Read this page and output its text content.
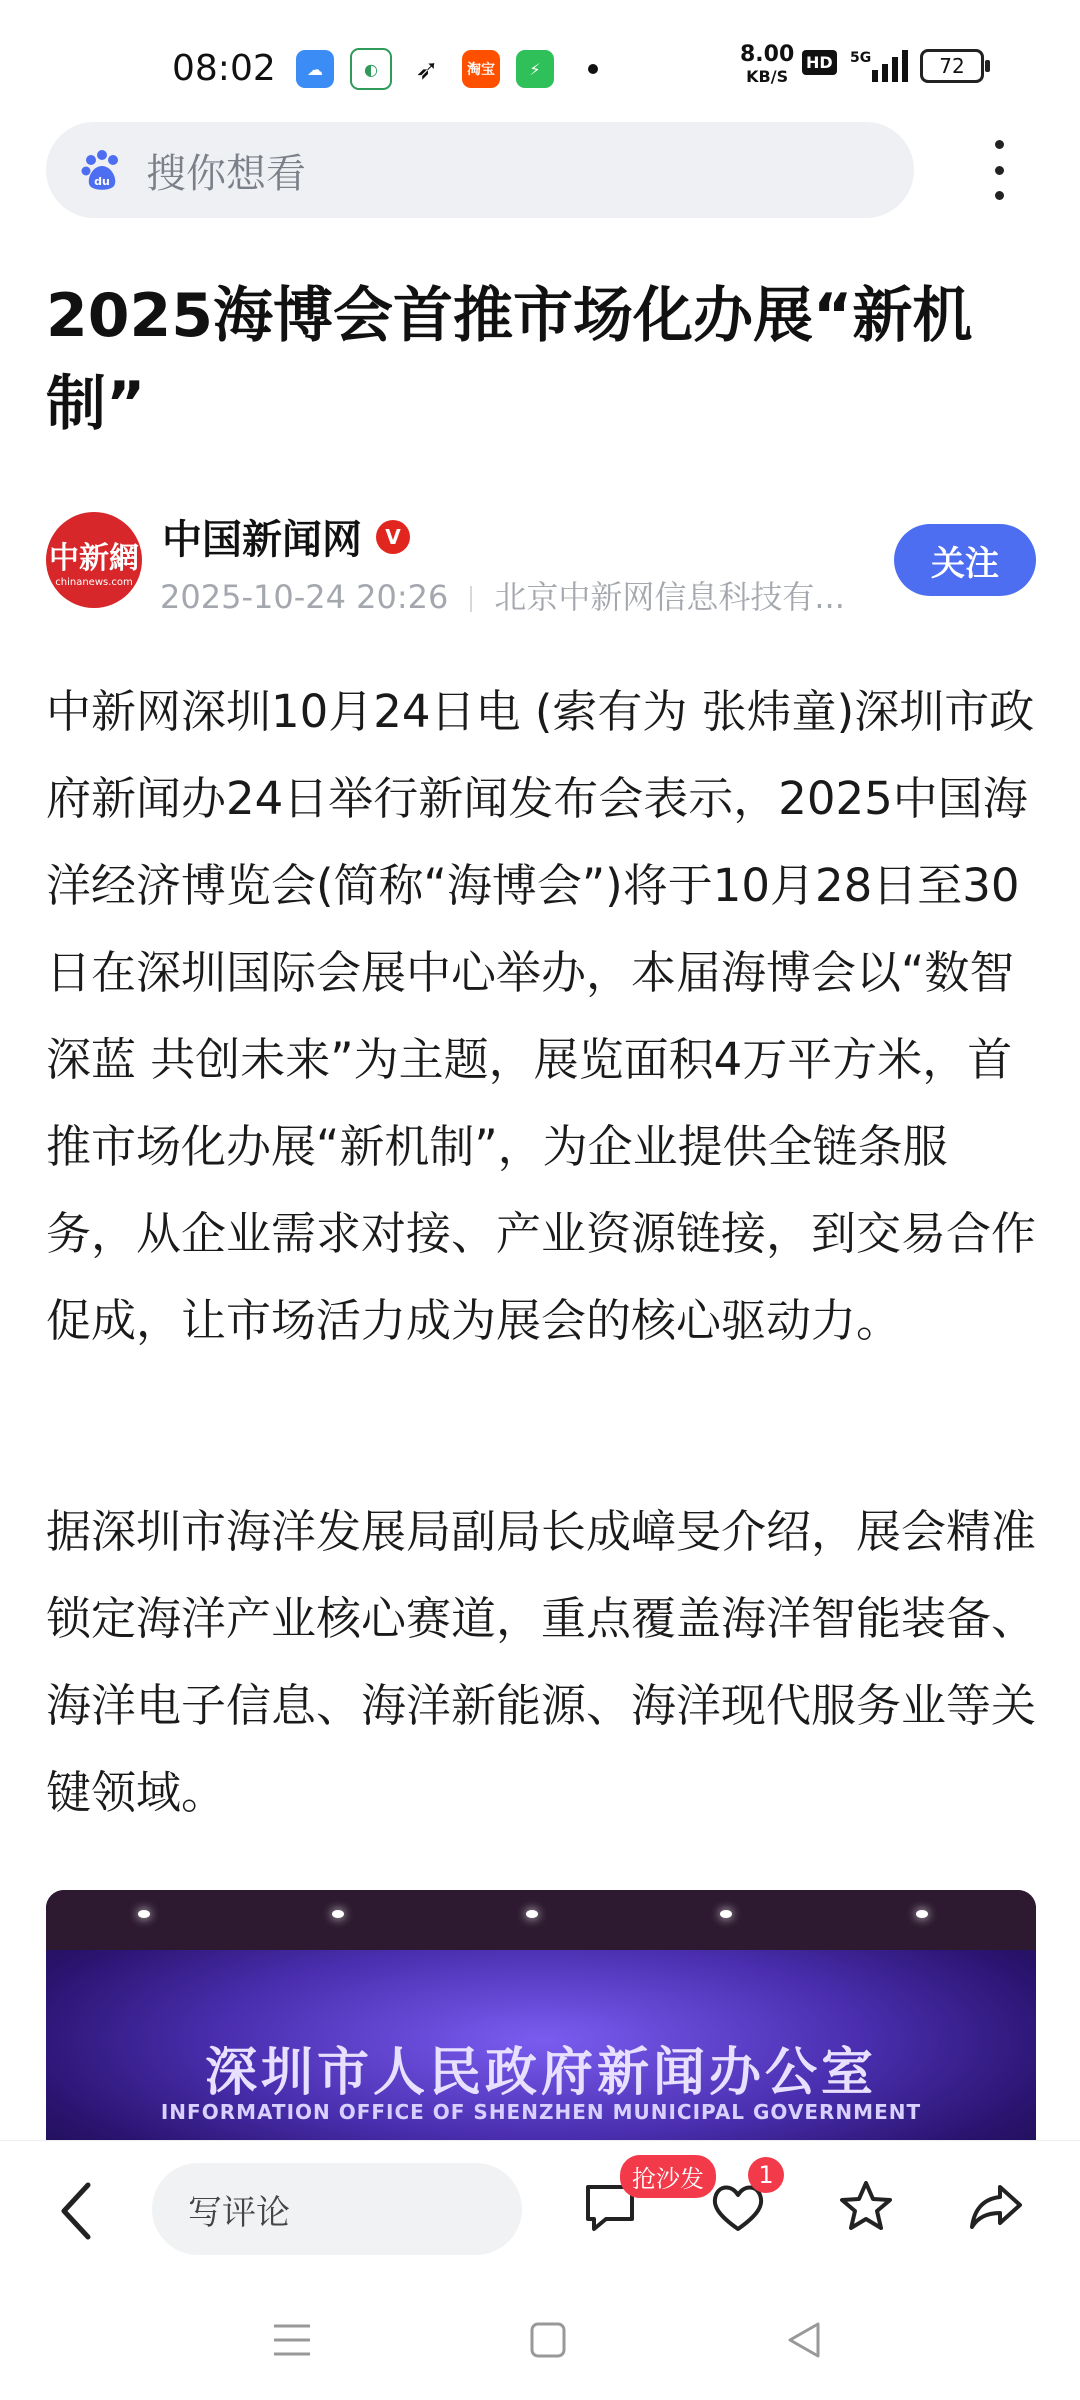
08:02	☁	◐	➶	淘宝	⚡
8.00
KB/S
HD 5G	72
du 搜你想看
2025海博会首推市场化办展“新机制”
中新網
chinanews.com
中国新闻网	V
2025-10-24 20:26 北京中新网信息科技有...
关注
中新网深圳10月24日电 (索有为 张炜童)深圳市政府新闻办24日举行新闻发布会表示，2025中国海洋经济博览会(简称“海博会”)将于10月28日至30日在深圳国际会展中心举办，本届海博会以“数智深蓝 共创未来”为主题，展览面积4万平方米，首推市场化办展“新机制”，为企业提供全链条服务，从企业需求对接、产业资源链接，到交易合作促成，让市场活力成为展会的核心驱动力。
据深圳市海洋发展局副局长成嶂旻介绍，展会精准锁定海洋产业核心赛道，重点覆盖海洋智能装备、海洋电子信息、海洋新能源、海洋现代服务业等关键领域。
深圳市人民政府新闻办公室
INFORMATION OFFICE OF SHENZHEN MUNICIPAL GOVERNMENT
写评论
抢沙发	1
